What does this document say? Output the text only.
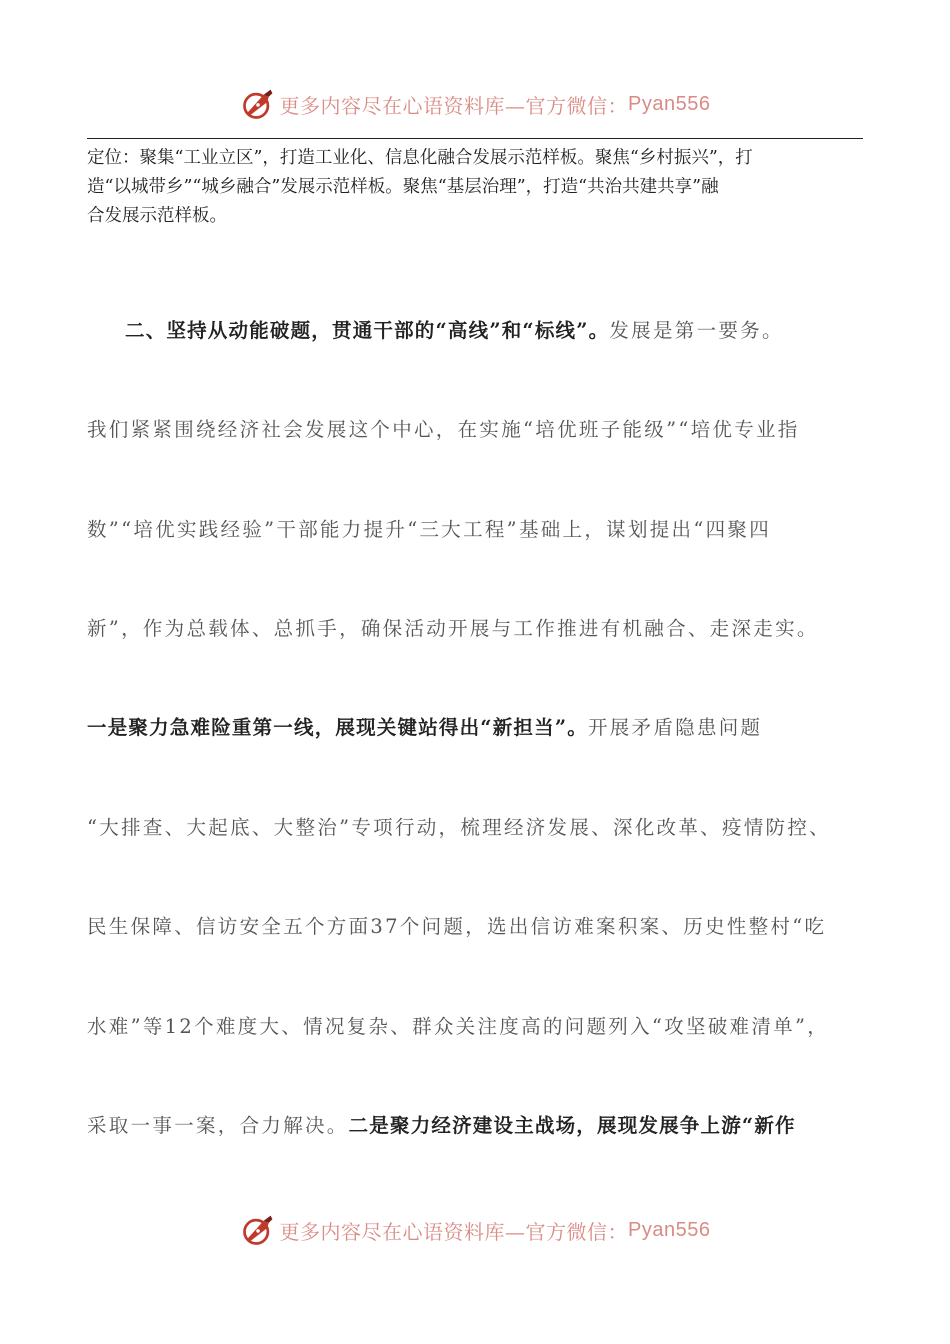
更多内容尽在心语资料库—官方微信： Pyan556
定位：聚集“工业立区”，打造工业化、信息化融合发展示范样板。聚焦“乡村振兴”，打
造“以城带乡”“城乡融合”发展示范样板。聚焦“基层治理”，打造“共治共建共享”融
合发展示范样板。
二、坚持从动能破题，贯通干部的“高线”和“标线”。发展是第一要务。
我们紧紧围绕经济社会发展这个中心，在实施“培优班子能级”“培优专业指
数”“培优实践经验”干部能力提升“三大工程”基础上，谋划提出“四聚四
新”，作为总载体、总抓手，确保活动开展与工作推进有机融合、走深走实。
一是聚力急难险重第一线，展现关键站得出“新担当”。开展矛盾隐患问题
“大排查、大起底、大整治”专项行动，梳理经济发展、深化改革、疫情防控、
民生保障、信访安全五个方面37个问题，选出信访难案积案、历史性整村“吃
水难”等12个难度大、情况复杂、群众关注度高的问题列入“攻坚破难清单”，
采取一事一案，合力解决。二是聚力经济建设主战场，展现发展争上游“新作
更多内容尽在心语资料库—官方微信： Pyan556
